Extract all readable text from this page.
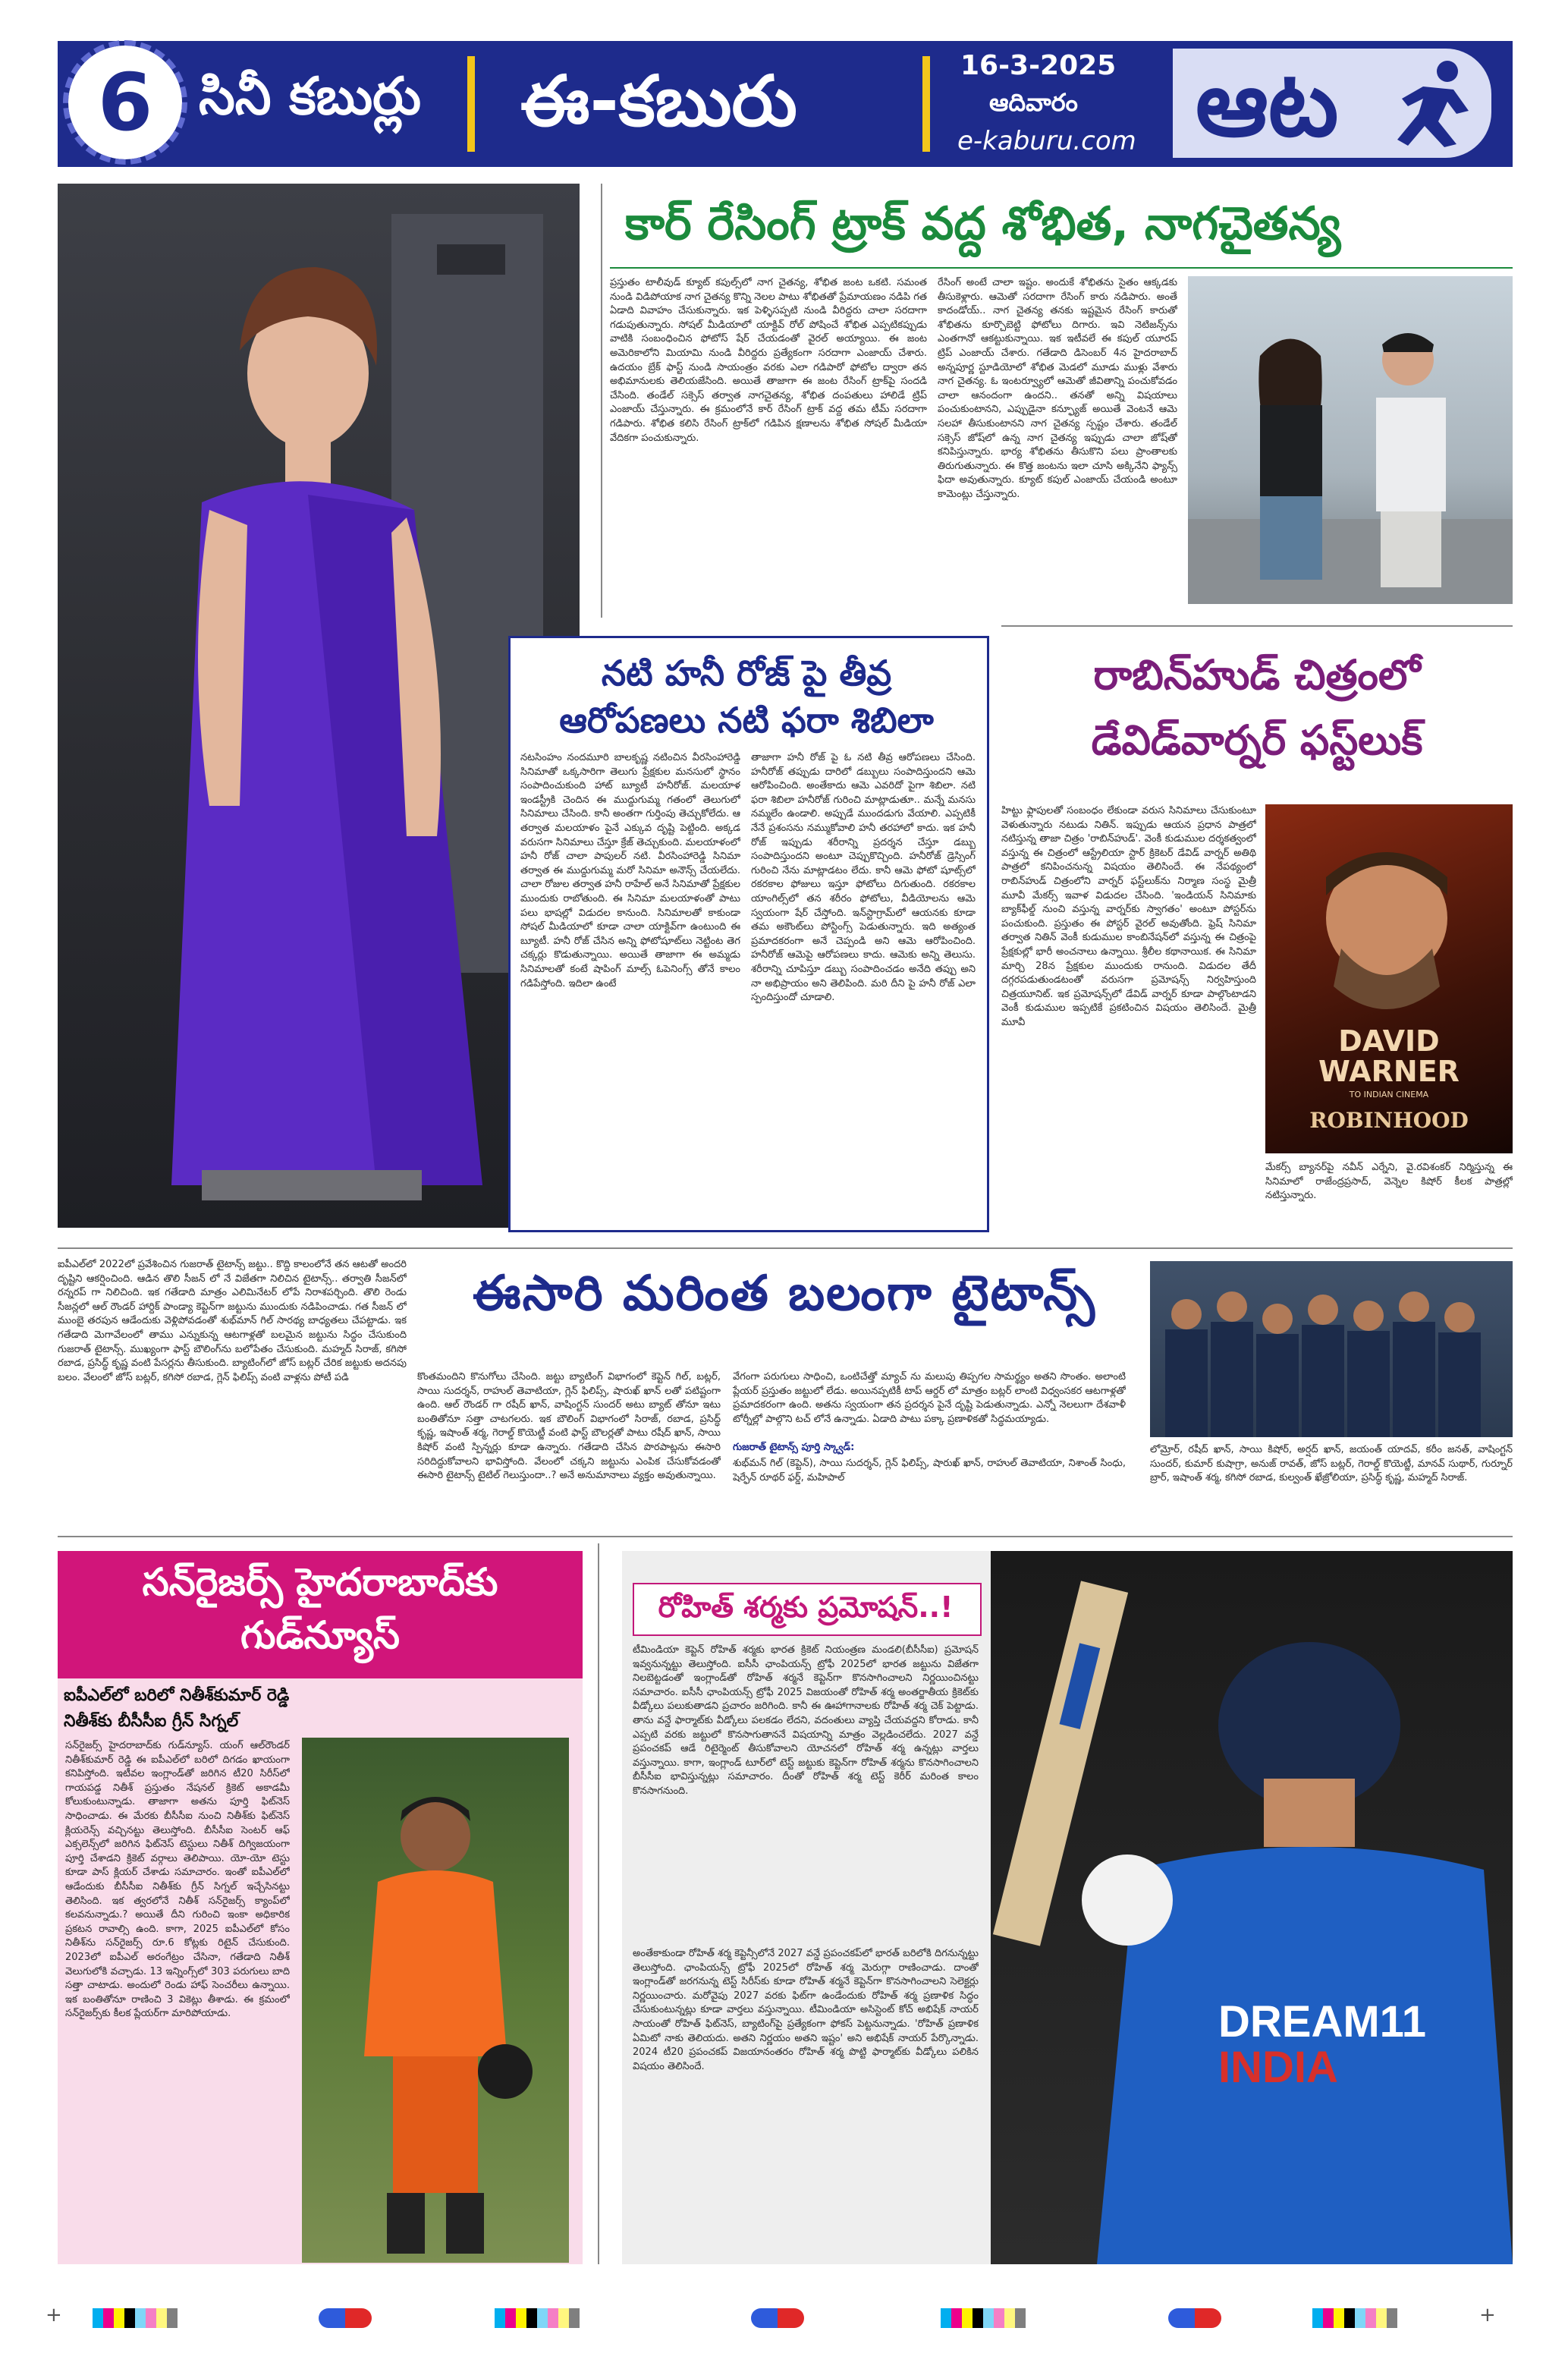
6 సినీ కబుర్లు ఈ-కబురు	16-3-2025
ఆదివారం
e-kaburu.com ఆట
కార్ రేసింగ్ ట్రాక్ వద్ద శోభిత, నాగచైతన్య
ప్రస్తుతం టాలీవుడ్ క్యూట్ కపుల్స్‌లో నాగ చైతన్య, శోభిత జంట ఒకటి. సమంత నుండి విడిపోయాక నాగ చైతన్య కొన్ని నెలల పాటు శోభితతో ప్రేమాయణం నడిపి గత ఏడాది వివాహం చేసుకున్నారు. ఇక పెళ్ళిసప్పటి నుండి వీరిద్దరు చాలా సరదాగా గడుపుతున్నారు. సోషల్ మీడియాలో యాక్టివ్ రోల్ పోషించే శోభిత ఎప్పటికప్పుడు వాటికి సంబంధించిన ఫోటోస్ షేర్ చేయడంతో వైరల్ అయ్యాయి. ఈ జంట అమెరికాలోని మియామి నుండి వీరిద్దరు ప్రత్యేకంగా సరదాగా ఎంజాయ్ చేశారు. ఉదయం బ్రేక్ ఫాస్ట్ నుండి సాయంత్రం వరకు ఎలా గడిపారో ఫోటోల ద్వారా తన అభిమానులకు తెలియజేసింది. అయితే తాజాగా ఈ జంట రేసింగ్ ట్రాక్‌పై సందడి చేసింది. తండేల్ సక్సెస్ తర్వాత నాగచైతన్య, శోభిత దంపతులు హాలిడే ట్రిప్ ఎంజాయ్ చేస్తున్నారు. ఈ క్రమంలోనే కార్ రేసింగ్ ట్రాక్ వద్ద తమ టీమ్ సరదాగా గడిపారు. శోభిత కలిసి రేసింగ్ ట్రాక్‌లో గడిపిన క్షణాలను శోభిత సోషల్ మీడియా వేదికగా పంచుకున్నారు.
రేసింగ్ అంటే చాలా ఇష్టం. అందుకే శోభితను సైతం ఆక్కడకు తీసుకెళ్లారు. ఆమెతో సరదాగా రేసింగ్ కారు నడిపారు. అంతే కాదండోయ్.. నాగ చైతన్య తనకు ఇష్టమైన రేసింగ్ కారుతో శోభితను కూర్చొబెట్టి ఫోటోలు దిగారు. ఇవి నెటిజన్స్‌ను ఎంతగానో ఆకట్టుకున్నాయి. ఇక ఇటీవలే ఈ కపుల్ యూరప్ ట్రిప్ ఎంజాయ్ చేశారు. గతేడాది డిసెంబర్ 4న హైదరాబాద్ అన్నపూర్ణ స్టూడియోలో శోభిత మెడలో మూడు ముళ్లు వేశారు నాగ చైతన్య. ఓ ఇంటర్వ్యూలో ఆమెతో జీవితాన్ని పంచుకోవడం చాలా ఆనందంగా ఉందని.. తనతో అన్ని విషయాలు పంచుకుంటానని, ఎప్పుడైనా కన్ఫ్యూజ్ అయితే వెంటనే ఆమె సలహా తీసుకుంటానని నాగ చైతన్య స్పష్టం చేశారు. తండేల్ సక్సెస్ జోష్‌లో ఉన్న నాగ చైతన్య ఇప్పుడు చాలా జోష్‌తో కనిపిస్తున్నారు. భార్య శోభితను తీసుకొని పలు ప్రాంతాలకు తిరుగుతున్నారు. ఈ కొత్త జంటను ఇలా చూసి అక్కినేని ఫ్యాన్స్ ఫిదా అవుతున్నారు. క్యూట్ కపుల్ ఎంజాయ్ చేయండి అంటూ కామెంట్లు చేస్తున్నారు.
నటి హనీ రోజ్ పై తీవ్ర
ఆరోపణలు నటి ఫరా శిబిలా
నటసింహం నందమూరి బాలకృష్ణ నటించిన వీరసింహారెడ్డి సినిమాతో ఒక్కసారిగా తెలుగు ప్రేక్షకుల మనసులో స్థానం సంపాదించుకుంది హాట్ బ్యూటీ హనీరోజ్. మలయాళ ఇండస్ట్రీకి చెందిన ఈ ముద్దుగుమ్మ గతంలో తెలుగులో సినిమాలు చేసింది. కానీ అంతగా గుర్తింపు తెచ్చుకోలేదు. ఆ తర్వాత మలయాళం పైనే ఎక్కువ దృష్టి పెట్టింది. అక్కడ వరుసగా సినిమాలు చేస్తూ క్రేజ్ తెచ్చుకుంది. మలయాళంలో హనీ రోజ్ చాలా పాపులర్ నటి. వీరసింహారెడ్డి సినిమా తర్వాత ఈ ముద్దుగుమ్మ మరో సినిమా అనౌన్స్ చేయలేదు. చాలా రోజుల తర్వాత హనీ రాహేల్ అనే సినిమాతో ప్రేక్షకుల ముందుకు రాబోతుంది. ఈ సినిమా మలయాళంతో పాటు పలు భాషల్లో విడుదల కానుంది. సినిమాలతో కాకుండా సోషల్ మీడియాలో కూడా చాలా యాక్టివ్‌గా ఉంటుంది ఈ బ్యూటీ. హనీ రోజ్ చేసిన అన్ని ఫోటోషూట్‌లు నెట్టింట తెగ చక్కర్లు కొడుతున్నాయి. అయితే తాజాగా ఈ అమ్మడు సినిమాలతో కంటే షాపింగ్ మాల్స్ ఓపెనింగ్స్ తోనే కాలం గడిపేస్తోంది. ఇదిలా ఉంటే
తాజాగా హనీ రోజ్ పై ఓ నటి తీవ్ర ఆరోపణలు చేసింది. హనీరోజ్ తప్పుడు దారిలో డబ్బులు సంపాదిస్తుందని ఆమె ఆరోపించింది. అంతేకాదు ఆమె ఎవరిదో పైగా శిబిలా. నటి ఫరా శిబిలా హనీరోజ్ గురించి మాట్లాడుతూ.. మన్నే మనసు నమ్మలేం ఉండాలి. అప్పుడే ముందడుగు వేయాలి. ఎప్పటికీ నేనే ప్రశంసను నమ్ముకోవాలి హనీ తరహాలో కాదు. ఇక హనీ రోజ్ ఇప్పుడు శరీరాన్ని ప్రదర్శన చేస్తూ డబ్బు సంపాదిస్తుందని అంటూ చెప్పుకొచ్చింది. హనీరోజ్ డ్రెస్సింగ్ గురించి నేను మాట్లాడటం లేదు. కానీ ఆమె ఫోటో షూట్స్‌లో రకరకాల ఫోజులు ఇస్తూ ఫోటోలు దిగుతుంది. రకరకాల యాంగిల్స్‌లో తన శరీరం ఫోటోలు, వీడియోలను ఆమె స్వయంగా షేర్ చేస్తోంది. ఇన్‌స్టాగ్రామ్‌లో ఆయనకు కూడా తమ అకౌంట్‌లు పోస్టింగ్స్ పెడుతున్నారు. ఇది అత్యంత ప్రమాదకరంగా అనే చెప్పండి అని ఆమె ఆరోపించింది. హనీరోజ్ ఆమెపై ఆరోపణలు కాదు. ఆమెకు అన్ని తెలుసు. శరీరాన్ని చూపిస్తూ డబ్బు సంపాదించడం అనేది తప్పు అని నా అభిప్రాయం అని తెలిపింది. మరి దీని పై హనీ రోజ్ ఎలా స్పందిస్తుందో చూడాలి.
రాబిన్‌హుడ్ చిత్రంలో
డేవిడ్‌వార్నర్ ఫస్ట్‌లుక్
హిట్టు ఫ్లాపులతో సంబంధం లేకుండా వరుస సినిమాలు చేసుకుంటూ వెళుతున్నారు నటుడు నితిన్. ఇప్పుడు ఆయన ప్రధాన పాత్రలో నటిస్తున్న తాజా చిత్రం 'రాబిన్‌హుడ్'. వెంకీ కుడుముల దర్శకత్వంలో వస్తున్న ఈ చిత్రంలో ఆస్ట్రేలియా స్టార్ క్రికెటర్ డేవిడ్ వార్నర్ అతిథి పాత్రలో కనిపించనున్న విషయం తెలిసిందే. ఈ నేపథ్యంలో రాబిన్‌హుడ్ చిత్రంలోని వార్నర్ ఫస్ట్‌లుక్‌ను నిర్మాణ సంస్థ మైత్రీ మూవీ మేకర్స్ ఇవాళ విడుదల చేసింది. 'ఇండియన్ సినిమాకు బ్యాక్‌ఫీల్డ్ నుంచి వస్తున్న వార్నర్‌కు స్వాగతం' అంటూ పోస్టర్‌ను పంచుకుంది. ప్రస్తుతం ఈ పోస్టర్ వైరల్ అవుతోంది. ఫ్రెష్ సినిమా తర్వాత నితిన్ వెంకీ కుడుముల కాంబినేషన్‌లో వస్తున్న ఈ చిత్రంపై ప్రేక్షకుల్లో భారీ అంచనాలు ఉన్నాయి. శ్రీలీల కథానాయిక. ఈ సినిమా మార్చి 28న ప్రేక్షకుల ముందుకు రానుంది. విడుదల తేదీ దగ్గరపడుతుండటంతో వరుసగా ప్రమోషన్స్ నిర్వహిస్తుంది చిత్రయూనిట్. ఇక ప్రమోషన్స్‌లో డేవిడ్ వార్నర్ కూడా పాల్గొంటాడని వెంకీ కుడుముల ఇప్పటికే ప్రకటించిన విషయం తెలిసిందే. మైత్రీ మూవీ
DAVID
WARNER
TO INDIAN CINEMA
ROBINHOOD
మేకర్స్ బ్యానర్‌పై నవీన్ ఎర్నేని, వై.రవిశంకర్ నిర్మిస్తున్న ఈ సినిమాలో రాజేంద్రప్రసాద్, వెన్నెల కిషోర్ కీలక పాత్రల్లో నటిస్తున్నారు.
ఐపీఎల్‌లో 2022లో ప్రవేశించిన గుజరాత్ టైటాన్స్ జట్టు.. కొద్ది కాలంలోనే తన ఆటతో అందరి దృష్టిని ఆకర్షించింది. ఆడిన తొలి సీజన్ లో నే విజేతగా నిలిచిన టైటాన్స్.. తర్వాతి సీజన్‌లో రన్నరప్ గా నిలిచింది. ఇక గతేడాది మాత్రం ఎలిమినేటర్ లోపే నిరాశపర్చింది. తొలి రెండు సీజన్లలో ఆల్ రౌండర్ హార్దిక్ పాండ్యా కెప్టెన్‌గా జట్టును ముందుకు నడిపించాడు. గత సీజన్ లో ముంబై తరపున ఆడేందుకు వెళ్లిపోవడంతో శుభ్‌మాన్ గిల్ సారథ్య బాధ్యతలు చేపట్టాడు. ఇక గతేడాది మెగావేలంలో తాము ఎన్నుకున్న ఆటగాళ్లతో బలమైన జట్టును సిద్ధం చేసుకుంది గుజరాత్ టైటాన్స్. ముఖ్యంగా ఫాస్ట్ బౌలింగ్‌ను బలోపేతం చేసుకుంది. మహ్మద్ సిరాజ్, కగిసో రబాడ, ప్రసిద్ధ్ కృష్ణ వంటి పేసర్లను తీసుకుంది. బ్యాటింగ్‌లో జోస్ బట్లర్ చేరిక జట్టుకు అదనపు బలం. వేలంలో జోస్ బట్లర్, కగిసో రబాడ, గ్లెన్ ఫిలిప్స్ వంటి వాళ్లను పోటీ పడి
ఈసారి మరింత బలంగా టైటాన్స్
కొంతమందిని కొనుగోలు చేసింది. జట్టు బ్యాటింగ్ విభాగంలో కెప్టెన్ గిల్, బట్లర్, సాయి సుదర్శన్, రాహుల్ తెవాటియా, గ్లెన్ ఫిలిప్స్, షారుఖ్ ఖాన్ లతో పటిష్టంగా ఉంది. ఆల్ రౌండర్ గా రషీద్ ఖాన్, వాషింగ్టన్ సుందర్ అటు బ్యాట్ తోనూ ఇటు బంతితోనూ సత్తా చాటగలరు. ఇక బౌలింగ్ విభాగంలో సిరాజ్, రబాడ, ప్రసిద్ధ్ కృష్ణ, ఇషాంత్ శర్మ, గెరాల్డ్ కొయెట్జీ వంటి ఫాస్ట్ బౌలర్లతో పాటు రషీద్ ఖాన్, సాయి కిషోర్ వంటి స్పిన్నర్లు కూడా ఉన్నారు. గతేడాది చేసిన పొరపాట్లను ఈసారి సరిదిద్దుకోవాలని భావిస్తోంది. వేలంలో చక్కని జట్టును ఎంపిక చేసుకోవడంతో ఈసారి టైటాన్స్ టైటిల్ గెలుస్తుందా..? అనే అనుమానాలు వ్యక్తం అవుతున్నాయి.
వేగంగా పరుగులు సాధించి, ఒంటిచేత్తో మ్యాచ్ ను మలుపు తిప్పగల సామర్థ్యం అతని సొంతం. అలాంటి ప్లేయర్ ప్రస్తుతం జట్టులో లేడు. అయినప్పటికీ టాప్ ఆర్డర్ లో మాత్రం బట్లర్ లాంటి విధ్వంసకర ఆటగాళ్లతో ప్రమాదకరంగా ఉంది. అతను స్వయంగా తన ప్రదర్శన పైనే దృష్టి పెడుతున్నాడు. ఎన్నో నెలలుగా దేశవాళీ టోర్నీల్లో పాల్గొని టచ్ లోనే ఉన్నాడు. ఏడాది పాటు పక్కా ప్రణాళికతో సిద్ధమయ్యాడు.
గుజరాత్ టైటాన్స్ పూర్తి స్క్వాడ్:
శుభ్‌మన్ గిల్ (కెప్టెన్), సాయి సుదర్శన్, గ్లెన్ ఫిలిప్స్, షారుఖ్ ఖాన్, రాహుల్ తెవాటియా, నిశాంత్ సింధు, షెర్ఫేన్ రూథర్ ఫర్డ్, మహిపాల్
లోమ్రోర్, రషీద్ ఖాన్, సాయి కిషోర్, అర్షద్ ఖాన్, జయంత్ యాదవ్, కరీం జనత్, వాషింగ్టన్ సుందర్, కుమార్ కుషాగ్రా, అనుజ్ రావత్, జోస్ బట్లర్, గెరాల్డ్ కొయెట్జీ, మానవ్ సుథార్, గుర్నూర్ బ్రార్, ఇషాంత్ శర్మ, కగిసో రబాడ, కుల్వంత్ ఖేజ్రోలియా, ప్రసిద్ధ్ కృష్ణ, మహ్మద్ సిరాజ్.
సన్‌రైజర్స్ హైదరాబాద్‌కు
గుడ్‌న్యూస్
ఐపీఎల్‌లో బరిలో నితీశ్‌కుమార్ రెడ్డి
నితీశ్‌కు బీసీసీఐ గ్రీన్ సిగ్నల్
సన్‌రైజర్స్ హైదరాబాద్‌కు గుడ్‌న్యూస్. యంగ్ ఆల్‌రౌండర్ నితీశ్‌కుమార్ రెడ్డి ఈ ఐపీఎల్‌లో బరిలో దిగడం ఖాయంగా కనిపిస్తోంది. ఇటీవల ఇంగ్లాండ్‌తో జరిగిన టీ20 సిరీస్‌లో గాయపడ్డ నితీశ్ ప్రస్తుతం నేషనల్ క్రికెట్ అకాడమీ కోలుకుంటున్నాడు. తాజాగా అతను పూర్తి ఫిట్‌నెస్ సాధించాడు. ఈ మేరకు బీసీసీఐ నుంచి నితీశ్‌కు ఫిట్‌నెస్ క్లియరెన్స్ వచ్చినట్టు తెలుస్తోంది. బీసీసీఐ సెంటర్ ఆఫ్ ఎక్సలెన్స్‌లో జరిగిన ఫిట్‌నెస్ టెస్టులు నితీశ్ దిగ్విజయంగా పూర్తి చేశాడని క్రికెట్ వర్గాలు తెలిపాయి. యో-యో టెస్టు కూడా పాస్ క్లియర్ చేశాడు సమాచారం. ఇంతో ఐపీఎల్‌లో ఆడేందుకు బీసీసీఐ నితీశ్‌కు గ్రీన్ సిగ్నల్ ఇచ్చేసినట్టు తెలిసింది. ఇక త్వరలోనే నితీశ్ సన్‌రైజర్స్ క్యాంప్‌లో కలవనున్నాడు.? అయితే దీని గురించి ఇంకా అధికారిక ప్రకటన రావాల్సి ఉంది. కాగా, 2025 ఐపీఎల్‌లో కోసం నితీశ్‌ను సన్‌రైజర్స్ రూ.6 కోట్లకు రిటైన్ చేసుకుంది. 2023లో ఐపీఎల్ అరంగేట్రం చేసినా, గతేడాది నితీశ్ వెలుగులోకి వచ్చాడు. 13 ఇన్నింగ్స్‌లో 303 పరుగులు బాది సత్తా చాటాడు. అందులో రెండు హాఫ్ సెంచరీలు ఉన్నాయి. ఇక బంతితోనూ రాణించి 3 వికెట్లు తీశాడు. ఈ క్రమంలో సన్‌రైజర్స్‌కు కీలక ప్లేయర్‌గా మారిపోయాడు.
రోహిత్ శర్మకు ప్రమోషన్..!
టీమిండియా కెప్టెన్ రోహిత్ శర్మకు భారత క్రికెట్ నియంత్రణ మండలి(బీసీసీఐ) ప్రమోషన్ ఇవ్వనున్నట్టు తెలుస్తోంది. ఐసీసీ ఛాంపియన్స్ ట్రోఫీ 2025లో భారత జట్టును విజేతగా నిలబెట్టడంతో ఇంగ్లాండ్‌తో రోహిత్ శర్మనే కెప్టెన్‌గా కొనసాగించాలని నిర్ణయించినట్టు సమాచారం. ఐసీసీ ఛాంపియన్స్ ట్రోఫీ 2025 విజయంతో రోహిత్ శర్మ అంతర్జాతీయ క్రికెట్‌కు వీడ్కోలు పలుకుతాడని ప్రచారం జరిగింది. కానీ ఈ ఊహాగానాలకు రోహిత్ శర్మ చెక్ పెట్టాడు. తాను వన్డే ఫార్మాట్‌కు వీడ్కోలు పలకడం లేదని, వదంతులు వ్యాప్తి చేయవద్దని కోరాడు. కానీ ఎప్పటి వరకు జట్టులో కొనసాగుతాననే విషయాన్ని మాత్రం వెల్లడించలేదు. 2027 వన్డే ప్రపంచకప్ ఆడే రిటైర్మెంట్ తీసుకోవాలని యోచనలో రోహిత్ శర్మ ఉన్నట్లు వార్తలు వస్తున్నాయి. కాగా, ఇంగ్లాండ్ టూర్‌లో టెస్ట్ జట్టుకు కెప్టెన్‌గా రోహిత్ శర్మను కొనసాగించాలని బీసీసీఐ భావిస్తున్నట్లు సమాచారం. దీంతో రోహిత్ శర్మ టెస్ట్ కెరీర్ మరింత కాలం కొనసాగనుంది.
అంతేకాకుండా రోహిత్ శర్మ కెప్టెన్సీలోనే 2027 వన్డే ప్రపంచకప్‌లో భారత్ బరిలోకి దిగనున్నట్టు తెలుస్తోంది. ఛాంపియన్స్ ట్రోఫీ 2025లో రోహిత్ శర్మ మెరుగ్గా రాణించాడు. దాంతో ఇంగ్లాండ్‌తో జరగనున్న టెస్ట్ సిరీస్‌కు కూడా రోహిత్ శర్మనే కెప్టెన్‌గా కొనసాగించాలని సెలెక్టర్లు నిర్ణయించారు. మరోవైపు 2027 వరకు ఫిట్‌గా ఉండేందుకు రోహిత్ శర్మ ప్రణాళిక సిద్ధం చేసుకుంటున్నట్లు కూడా వార్తలు వస్తున్నాయి. టీమిండియా అసిస్టెంట్ కోచ్ అభిషేక్ నాయర్ సాయంతో రోహిత్ ఫిట్‌నెస్, బ్యాటింగ్‌పై ప్రత్యేకంగా ఫోకస్ పెట్టనున్నాడు. 'రోహిత్ ప్రణాళిక ఏమిటో నాకు తెలియదు. అతని నిర్ణయం అతని ఇష్టం' అని అభిషేక్ నాయర్ పేర్కొన్నాడు. 2024 టీ20 ప్రపంచకప్ విజయానంతరం రోహిత్ శర్మ పొట్టి ఫార్మాట్‌కు వీడ్కోలు పలికిన విషయం తెలిసిందే.
DREAM11
INDIA
+	+
